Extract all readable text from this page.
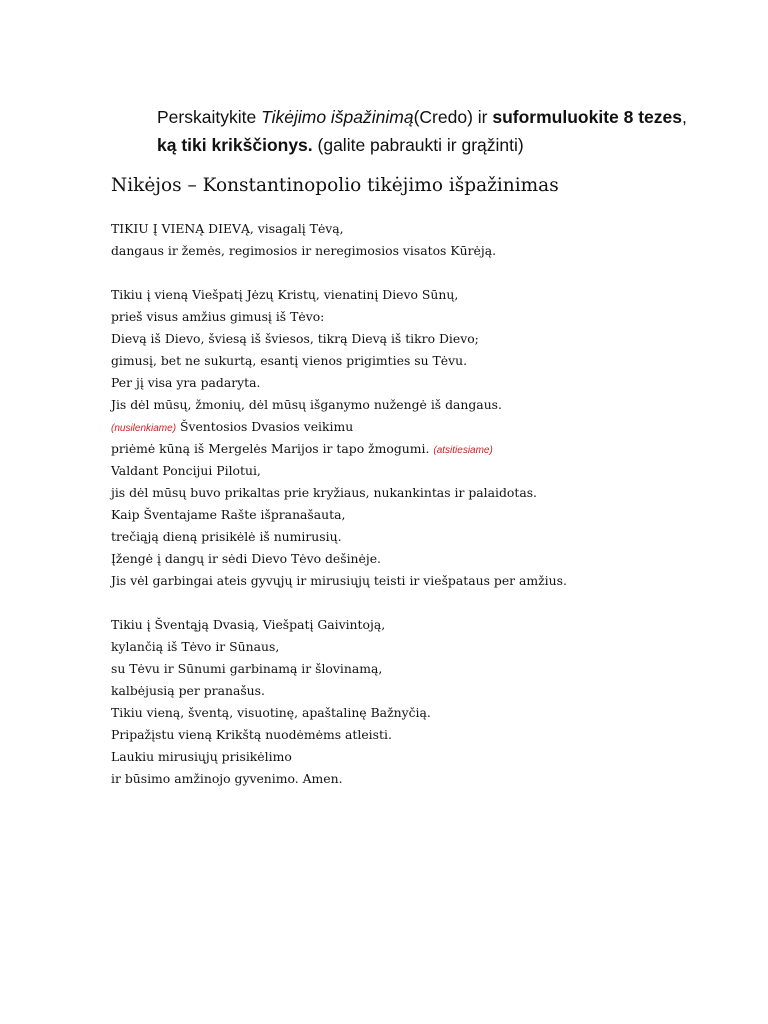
Perskaitykite Tikėjimo išpažinimą(Credo) ir suformuluokite 8 tezes,
ką tiki krikščionys. (galite pabraukti ir grąžinti)
Nikėjos – Konstantinopolio tikėjimo išpažinimas
TIKIU Į VIENĄ DIEVĄ, visagalį Tėvą,
dangaus ir žemės, regimosios ir neregimosios visatos Kūrėją.
Tikiu į vieną Viešpatį Jėzų Kristų, vienatinį Dievo Sūnų,
prieš visus amžius gimusį iš Tėvo:
Dievą iš Dievo, šviesą iš šviesos, tikrą Dievą iš tikro Dievo;
gimusį, bet ne sukurtą, esantį vienos prigimties su Tėvu.
Per jį visa yra padaryta.
Jis dėl mūsų, žmonių, dėl mūsų išganymo nužengė iš dangaus.
(nusilenkiame) Šventosios Dvasios veikimu
priėmė kūną iš Mergelės Marijos ir tapo žmogumi. (atsitiesiame)
Valdant Poncijui Pilotui,
jis dėl mūsų buvo prikaltas prie kryžiaus, nukankintas ir palaidotas.
Kaip Šventajame Rašte išpranašauta,
trečiąją dieną prisikėlė iš numirusių.
Įžengė į dangų ir sėdi Dievo Tėvo dešinėje.
Jis vėl garbingai ateis gyvųjų ir mirusiųjų teisti ir viešpataus per amžius.
Tikiu į Šventąją Dvasią, Viešpatį Gaivintoją,
kylančią iš Tėvo ir Sūnaus,
su Tėvu ir Sūnumi garbinamą ir šlovinamą,
kalbėjusią per pranašus.
Tikiu vieną, šventą, visuotinę, apaštalinę Bažnyčią.
Pripažįstu vieną Krikštą nuodėmėms atleisti.
Laukiu mirusiųjų prisikėlimo
ir būsimo amžinojo gyvenimo. Amen.
